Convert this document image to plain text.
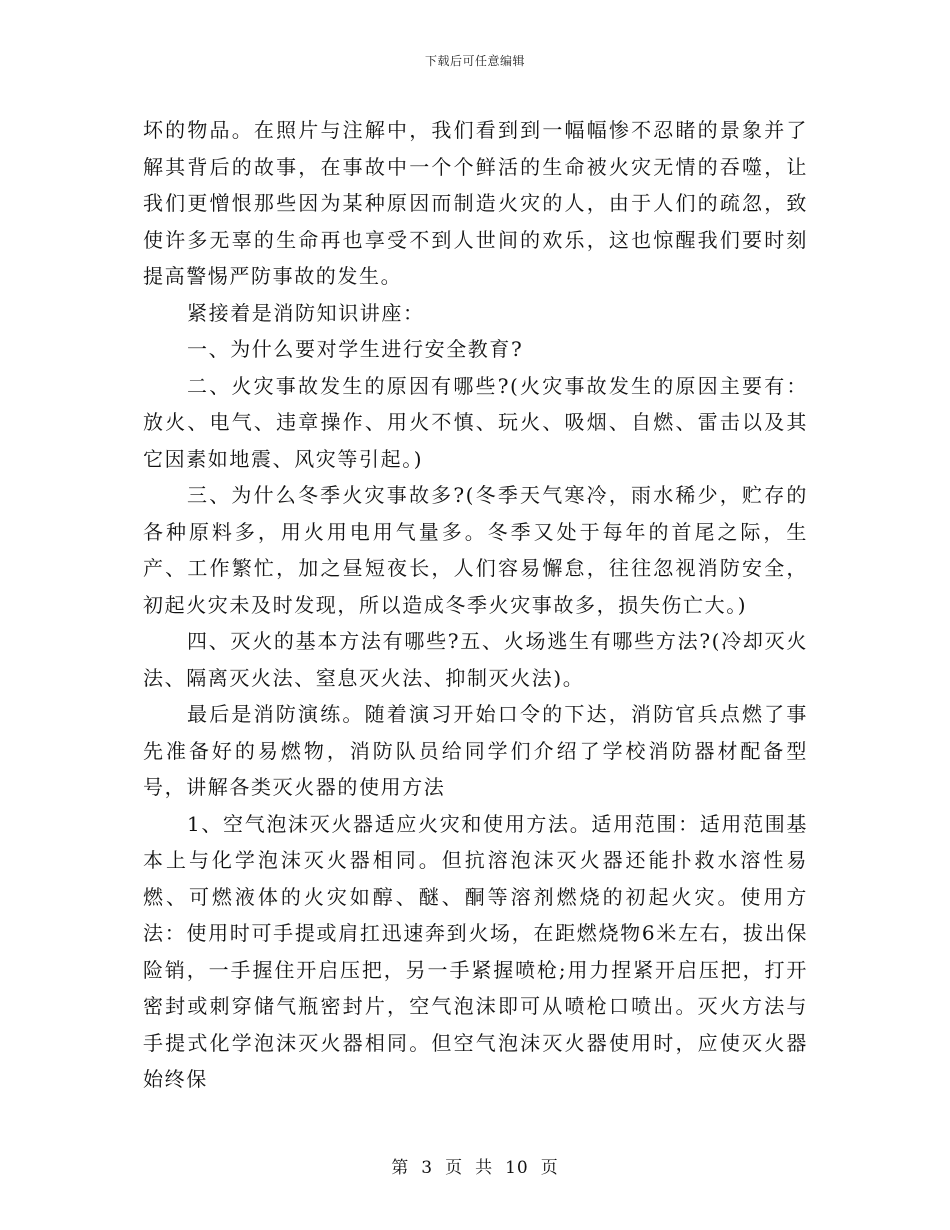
下载后可任意编辑

坏的物品。在照片与注解中，我们看到到一幅幅惨不忍睹的景象并了解其背后的故事，在事故中一个个鲜活的生命被火灾无情的吞噬，让我们更憎恨那些因为某种原因而制造火灾的人，由于人们的疏忽，致使许多无辜的生命再也享受不到人世间的欢乐，这也惊醒我们要时刻提高警惕严防事故的发生。

紧接着是消防知识讲座：

一、为什么要对学生进行安全教育?

二、火灾事故发生的原因有哪些?(火灾事故发生的原因主要有：放火、电气、违章操作、用火不慎、玩火、吸烟、自燃、雷击以及其它因素如地震、风灾等引起。)

三、为什么冬季火灾事故多?(冬季天气寒冷，雨水稀少，贮存的各种原料多，用火用电用气量多。冬季又处于每年的首尾之际，生产、工作繁忙，加之昼短夜长，人们容易懈怠，往往忽视消防安全，初起火灾未及时发现，所以造成冬季火灾事故多，损失伤亡大。)

四、灭火的基本方法有哪些?五、火场逃生有哪些方法?(冷却灭火法、隔离灭火法、窒息灭火法、抑制灭火法)。

最后是消防演练。随着演习开始口令的下达，消防官兵点燃了事先准备好的易燃物，消防队员给同学们介绍了学校消防器材配备型号，讲解各类灭火器的使用方法

1、空气泡沫灭火器适应火灾和使用方法。适用范围：适用范围基本上与化学泡沫灭火器相同。但抗溶泡沫灭火器还能扑救水溶性易燃、可燃液体的火灾如醇、醚、酮等溶剂燃烧的初起火灾。使用方法：使用时可手提或肩扛迅速奔到火场，在距燃烧物6米左右，拔出保险销，一手握住开启压把，另一手紧握喷枪;用力捏紧开启压把，打开密封或刺穿储气瓶密封片，空气泡沫即可从喷枪口喷出。灭火方法与手提式化学泡沫灭火器相同。但空气泡沫灭火器使用时，应使灭火器始终保

第 3 页 共 10 页
